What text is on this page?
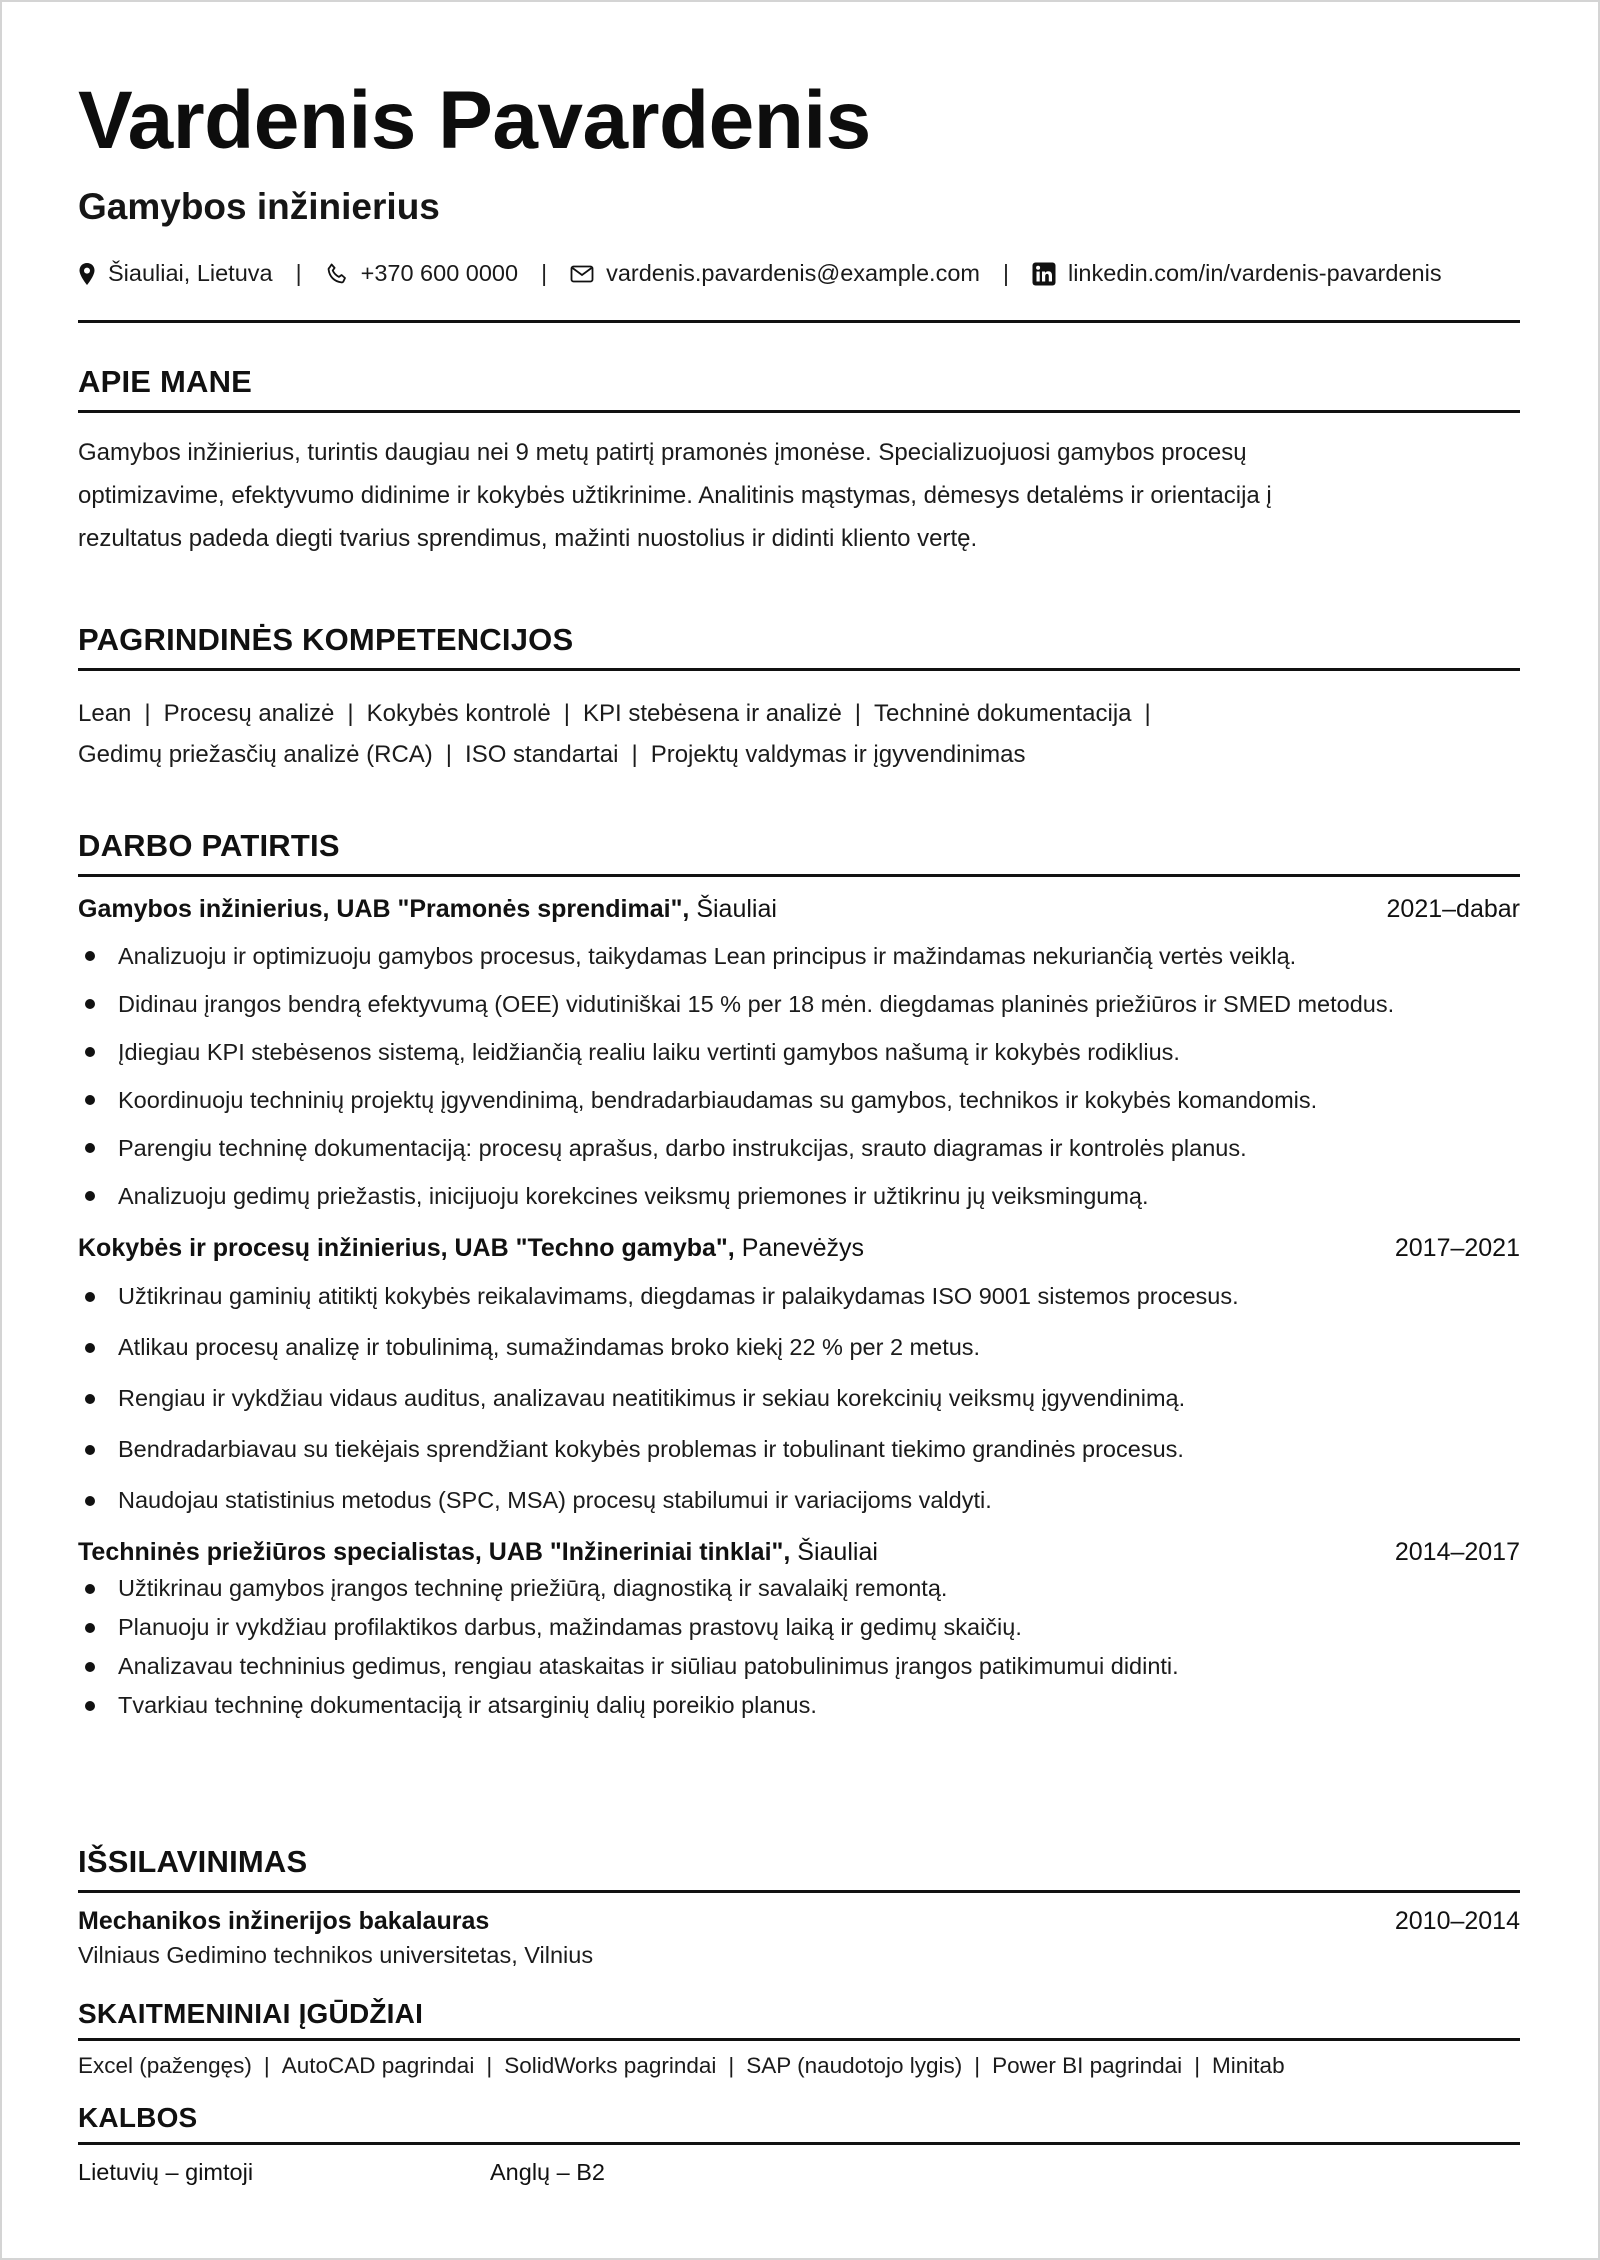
Vardenis Pavardenis
Gamybos inžinierius
Šiauliai, Lietuva |	+370 600 0000 |	vardenis.pavardenis@example.com |	linkedin.com/in/vardenis-pavardenis
APIE MANE
Gamybos inžinierius, turintis daugiau nei 9 metų patirtį pramonės įmonėse. Specializuojuosi gamybos procesų
optimizavime, efektyvumo didinime ir kokybės užtikrinime. Analitinis mąstymas, dėmesys detalėms ir orientacija į
rezultatus padeda diegti tvarius sprendimus, mažinti nuostolius ir didinti kliento vertę.
PAGRINDINĖS KOMPETENCIJOS
Lean | Procesų analizė | Kokybės kontrolė | KPI stebėsena ir analizė | Techninė dokumentacija |
Gedimų priežasčių analizė (RCA) | ISO standartai | Projektų valdymas ir įgyvendinimas
DARBO PATIRTIS
Gamybos inžinierius, UAB "Pramonės sprendimai", Šiauliai	2021–dabar
Analizuoju ir optimizuoju gamybos procesus, taikydamas Lean principus ir mažindamas nekuriančią vertės veiklą.
Didinau įrangos bendrą efektyvumą (OEE) vidutiniškai 15 % per 18 mėn. diegdamas planinės priežiūros ir SMED metodus.
Įdiegiau KPI stebėsenos sistemą, leidžiančią realiu laiku vertinti gamybos našumą ir kokybės rodiklius.
Koordinuoju techninių projektų įgyvendinimą, bendradarbiaudamas su gamybos, technikos ir kokybės komandomis.
Parengiu techninę dokumentaciją: procesų aprašus, darbo instrukcijas, srauto diagramas ir kontrolės planus.
Analizuoju gedimų priežastis, inicijuoju korekcines veiksmų priemones ir užtikrinu jų veiksmingumą.
Kokybės ir procesų inžinierius, UAB "Techno gamyba", Panevėžys	2017–2021
Užtikrinau gaminių atitiktį kokybės reikalavimams, diegdamas ir palaikydamas ISO 9001 sistemos procesus.
Atlikau procesų analizę ir tobulinimą, sumažindamas broko kiekį 22 % per 2 metus.
Rengiau ir vykdžiau vidaus auditus, analizavau neatitikimus ir sekiau korekcinių veiksmų įgyvendinimą.
Bendradarbiavau su tiekėjais sprendžiant kokybės problemas ir tobulinant tiekimo grandinės procesus.
Naudojau statistinius metodus (SPC, MSA) procesų stabilumui ir variacijoms valdyti.
Techninės priežiūros specialistas, UAB "Inžineriniai tinklai", Šiauliai	2014–2017
Užtikrinau gamybos įrangos techninę priežiūrą, diagnostiką ir savalaikį remontą.
Planuoju ir vykdžiau profilaktikos darbus, mažindamas prastovų laiką ir gedimų skaičių.
Analizavau techninius gedimus, rengiau ataskaitas ir siūliau patobulinimus įrangos patikimumui didinti.
Tvarkiau techninę dokumentaciją ir atsarginių dalių poreikio planus.
IŠSILAVINIMAS
Mechanikos inžinerijos bakalauras	2010–2014
Vilniaus Gedimino technikos universitetas, Vilnius
SKAITMENINIAI ĮGŪDŽIAI
Excel (pažengęs) | AutoCAD pagrindai | SolidWorks pagrindai | SAP (naudotojo lygis) | Power BI pagrindai | Minitab
KALBOS
Lietuvių – gimtoji	Anglų – B2
